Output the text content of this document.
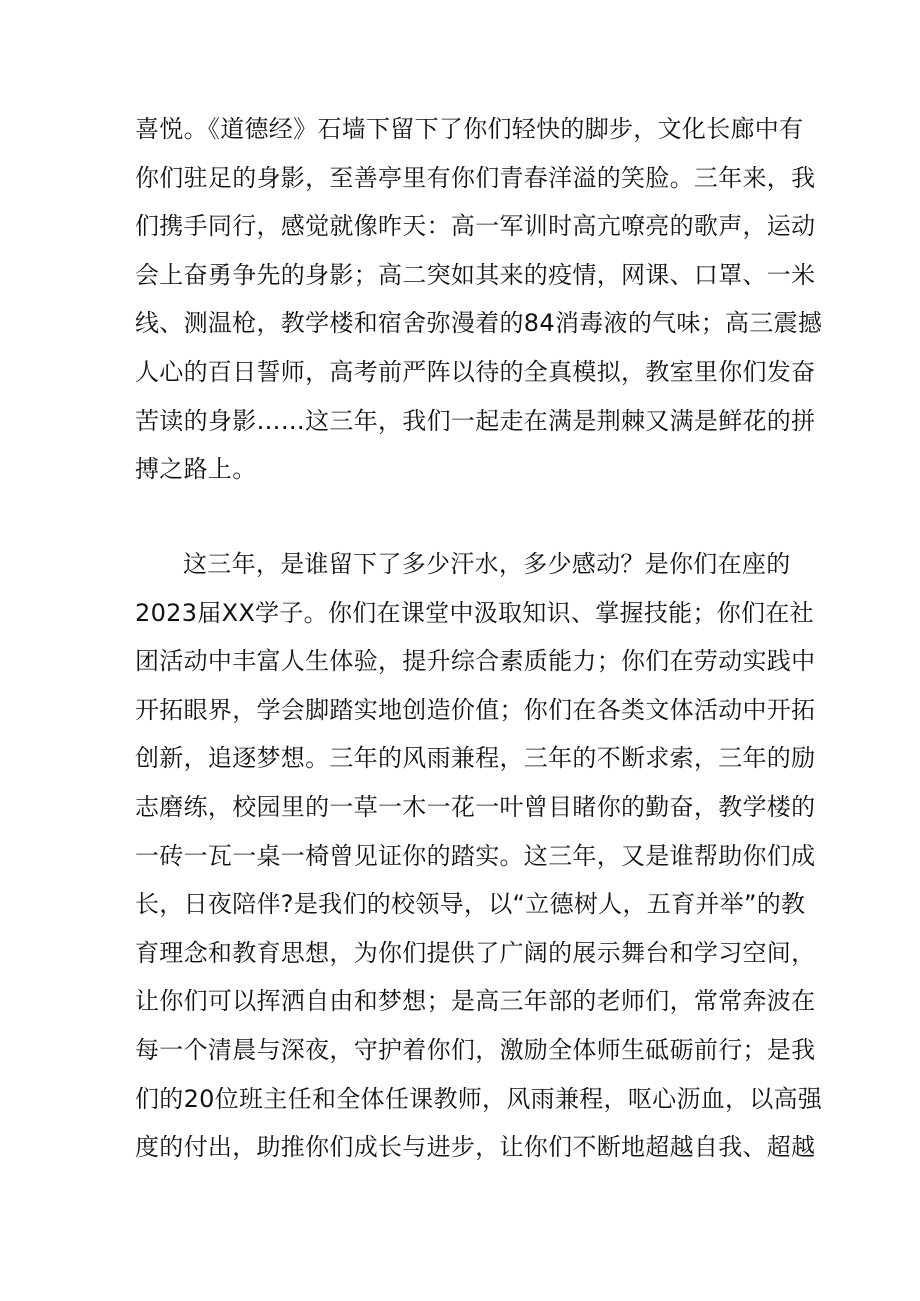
喜悦。《道德经》石墙下留下了你们轻快的脚步，文化长廊中有
你们驻足的身影，至善亭里有你们青春洋溢的笑脸。三年来，我
们携手同行，感觉就像昨天：高一军训时高亢嘹亮的歌声，运动
会上奋勇争先的身影；高二突如其来的疫情，网课、口罩、一米
线、测温枪，教学楼和宿舍弥漫着的84消毒液的气味；高三震撼
人心的百日誓师，高考前严阵以待的全真模拟，教室里你们发奋
苦读的身影……这三年，我们一起走在满是荆棘又满是鲜花的拼
搏之路上。
这三年，是谁留下了多少汗水，多少感动？是你们在座的
2023届XX学子。你们在课堂中汲取知识、掌握技能；你们在社
团活动中丰富人生体验，提升综合素质能力；你们在劳动实践中
开拓眼界，学会脚踏实地创造价值；你们在各类文体活动中开拓
创新，追逐梦想。三年的风雨兼程，三年的不断求索，三年的励
志磨练，校园里的一草一木一花一叶曾目睹你的勤奋，教学楼的
一砖一瓦一桌一椅曾见证你的踏实。这三年，又是谁帮助你们成
长，日夜陪伴?是我们的校领导，以“立德树人，五育并举”的教
育理念和教育思想，为你们提供了广阔的展示舞台和学习空间，
让你们可以挥洒自由和梦想；是高三年部的老师们，常常奔波在
每一个清晨与深夜，守护着你们，激励全体师生砥砺前行；是我
们的20位班主任和全体任课教师，风雨兼程，呕心沥血，以高强
度的付出，助推你们成长与进步，让你们不断地超越自我、超越
